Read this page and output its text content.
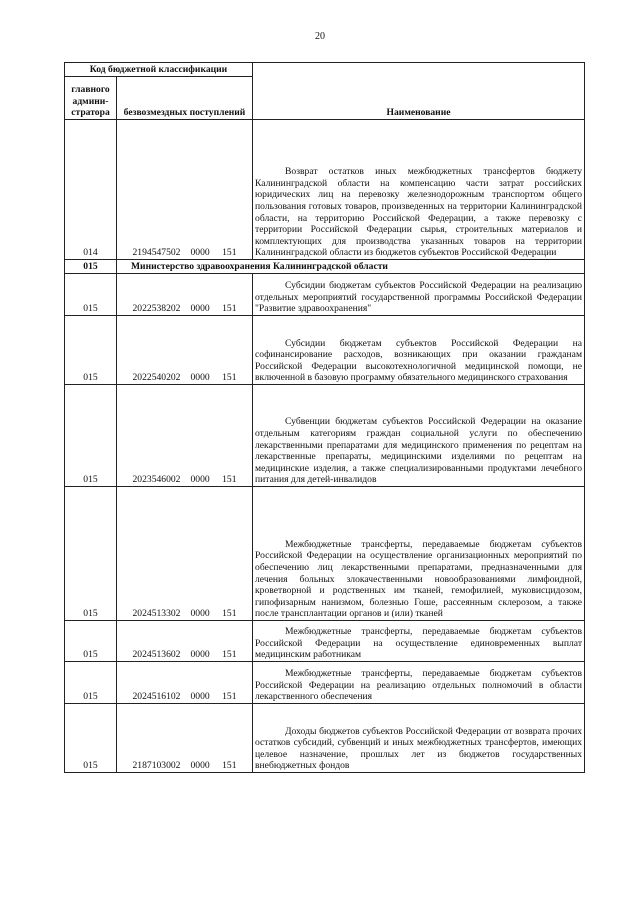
20
Код бюджетной классификации		Наименование
главного админи-стратора	безвозмездных поступлений	
014	2194547502 0000 151	Возврат остатков иных межбюджетных трансфертов бюджету Калининградской области на компенсацию части затрат российских юридических лиц на перевозку железнодорожным транспортом общего пользования готовых товаров, произведенных на территории Калининградской области, на территорию Российской Федерации, а также перевозку с территории Российской Федерации сырья, строительных материалов и комплектующих для производства указанных товаров на территории Калининградской области из бюджетов субъектов Российской Федерации
015	Министерство здравоохранения Калининградской области	
015	2022538202 0000 151	Субсидии бюджетам субъектов Российской Федерации на реализацию отдельных мероприятий государственной программы Российской Федерации "Развитие здравоохранения"
015	2022540202 0000 151	Субсидии бюджетам субъектов Российской Федерации на софинансирование расходов, возникающих при оказании гражданам Российской Федерации высокотехнологичной медицинской помощи, не включенной в базовую программу обязательного медицинского страхования
015	2023546002 0000 151	Субвенции бюджетам субъектов Российской Федерации на оказание отдельным категориям граждан социальной услуги по обеспечению лекарственными препаратами для медицинского применения по рецептам на лекарственные препараты, медицинскими изделиями по рецептам на медицинские изделия, а также специализированными продуктами лечебного питания для детей-инвалидов
015	2024513302 0000 151	Межбюджетные трансферты, передаваемые бюджетам субъектов Российской Федерации на осуществление организационных мероприятий по обеспечению лиц лекарственными препаратами, предназначенными для лечения больных злокачественными новообразованиями лимфоидной, кроветворной и родственных им тканей, гемофилией, муковисцидозом, гипофизарным нанизмом, болезнью Гоше, рассеянным склерозом, а также после трансплантации органов и (или) тканей
015	2024513602 0000 151	Межбюджетные трансферты, передаваемые бюджетам субъектов Российской Федерации на осуществление единовременных выплат медицинским работникам
015	2024516102 0000 151	Межбюджетные трансферты, передаваемые бюджетам субъектов Российской Федерации на реализацию отдельных полномочий в области лекарственного обеспечения
015	2187103002 0000 151	Доходы бюджетов субъектов Российской Федерации от возврата прочих остатков субсидий, субвенций и иных межбюджетных трансфертов, имеющих целевое назначение, прошлых лет из бюджетов государственных внебюджетных фондов
